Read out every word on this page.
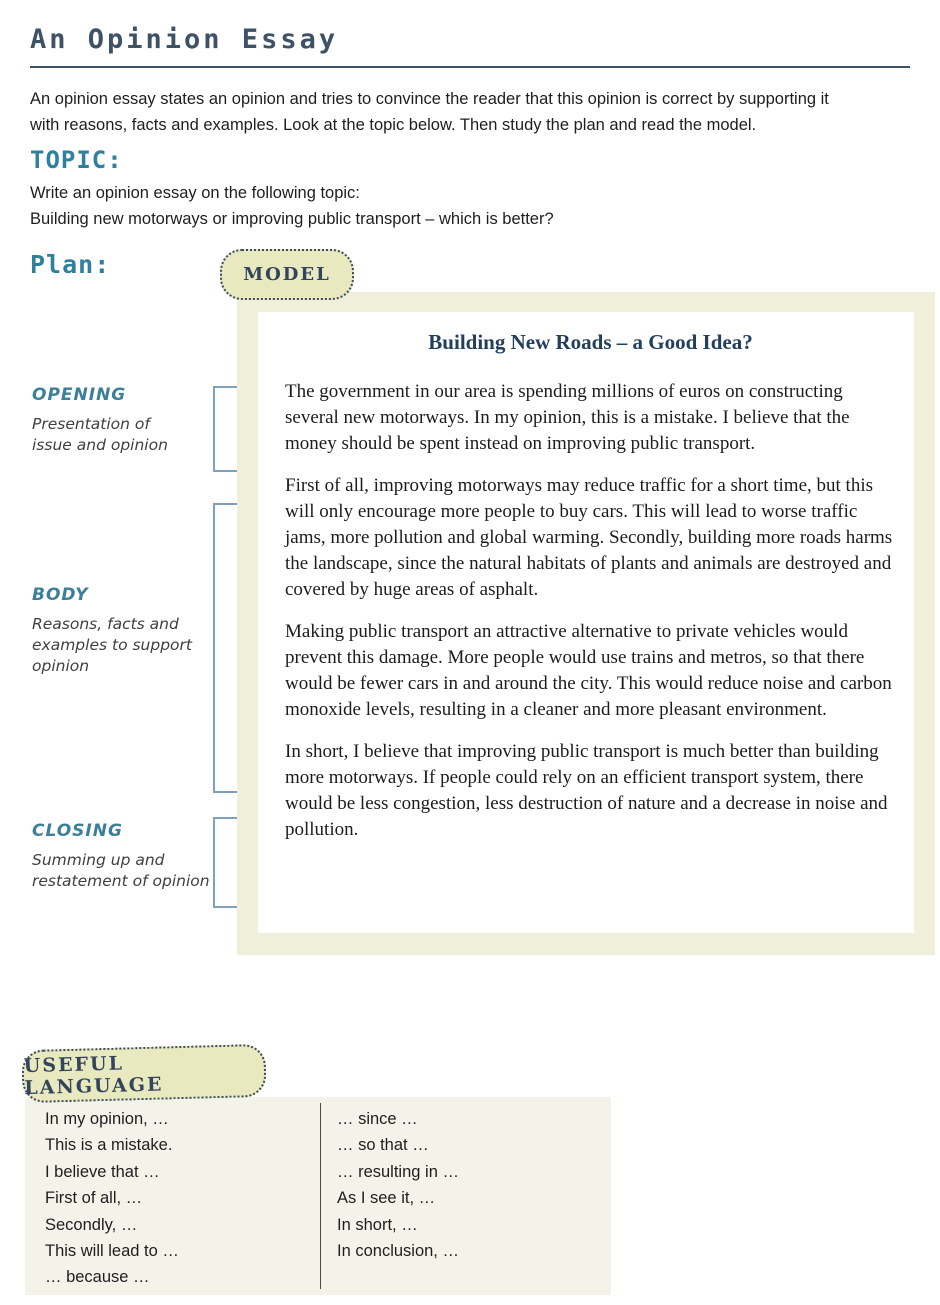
An Opinion Essay
An opinion essay states an opinion and tries to convince the reader that this opinion is correct by supporting it with reasons, facts and examples. Look at the topic below. Then study the plan and read the model.
TOPIC:
Write an opinion essay on the following topic:
Building new motorways or improving public transport – which is better?
Plan:	MODEL
OPENING
Presentation of issue and opinion
BODY
Reasons, facts and examples to support opinion
CLOSING
Summing up and restatement of opinion
Building New Roads – a Good Idea?

The government in our area is spending millions of euros on constructing several new motorways. In my opinion, this is a mistake. I believe that the money should be spent instead on improving public transport.

First of all, improving motorways may reduce traffic for a short time, but this will only encourage more people to buy cars. This will lead to worse traffic jams, more pollution and global warming. Secondly, building more roads harms the landscape, since the natural habitats of plants and animals are destroyed and covered by huge areas of asphalt.

Making public transport an attractive alternative to private vehicles would prevent this damage. More people would use trains and metros, so that there would be fewer cars in and around the city. This would reduce noise and carbon monoxide levels, resulting in a cleaner and more pleasant environment.

In short, I believe that improving public transport is much better than building more motorways. If people could rely on an efficient transport system, there would be less congestion, less destruction of nature and a decrease in noise and pollution.

USEFUL LANGUAGE
In my opinion, …
This is a mistake.
I believe that …
First of all, …
Secondly, …
This will lead to …
… because …
… since …
… so that …
… resulting in …
As I see it, …
In short, …
In conclusion, …
